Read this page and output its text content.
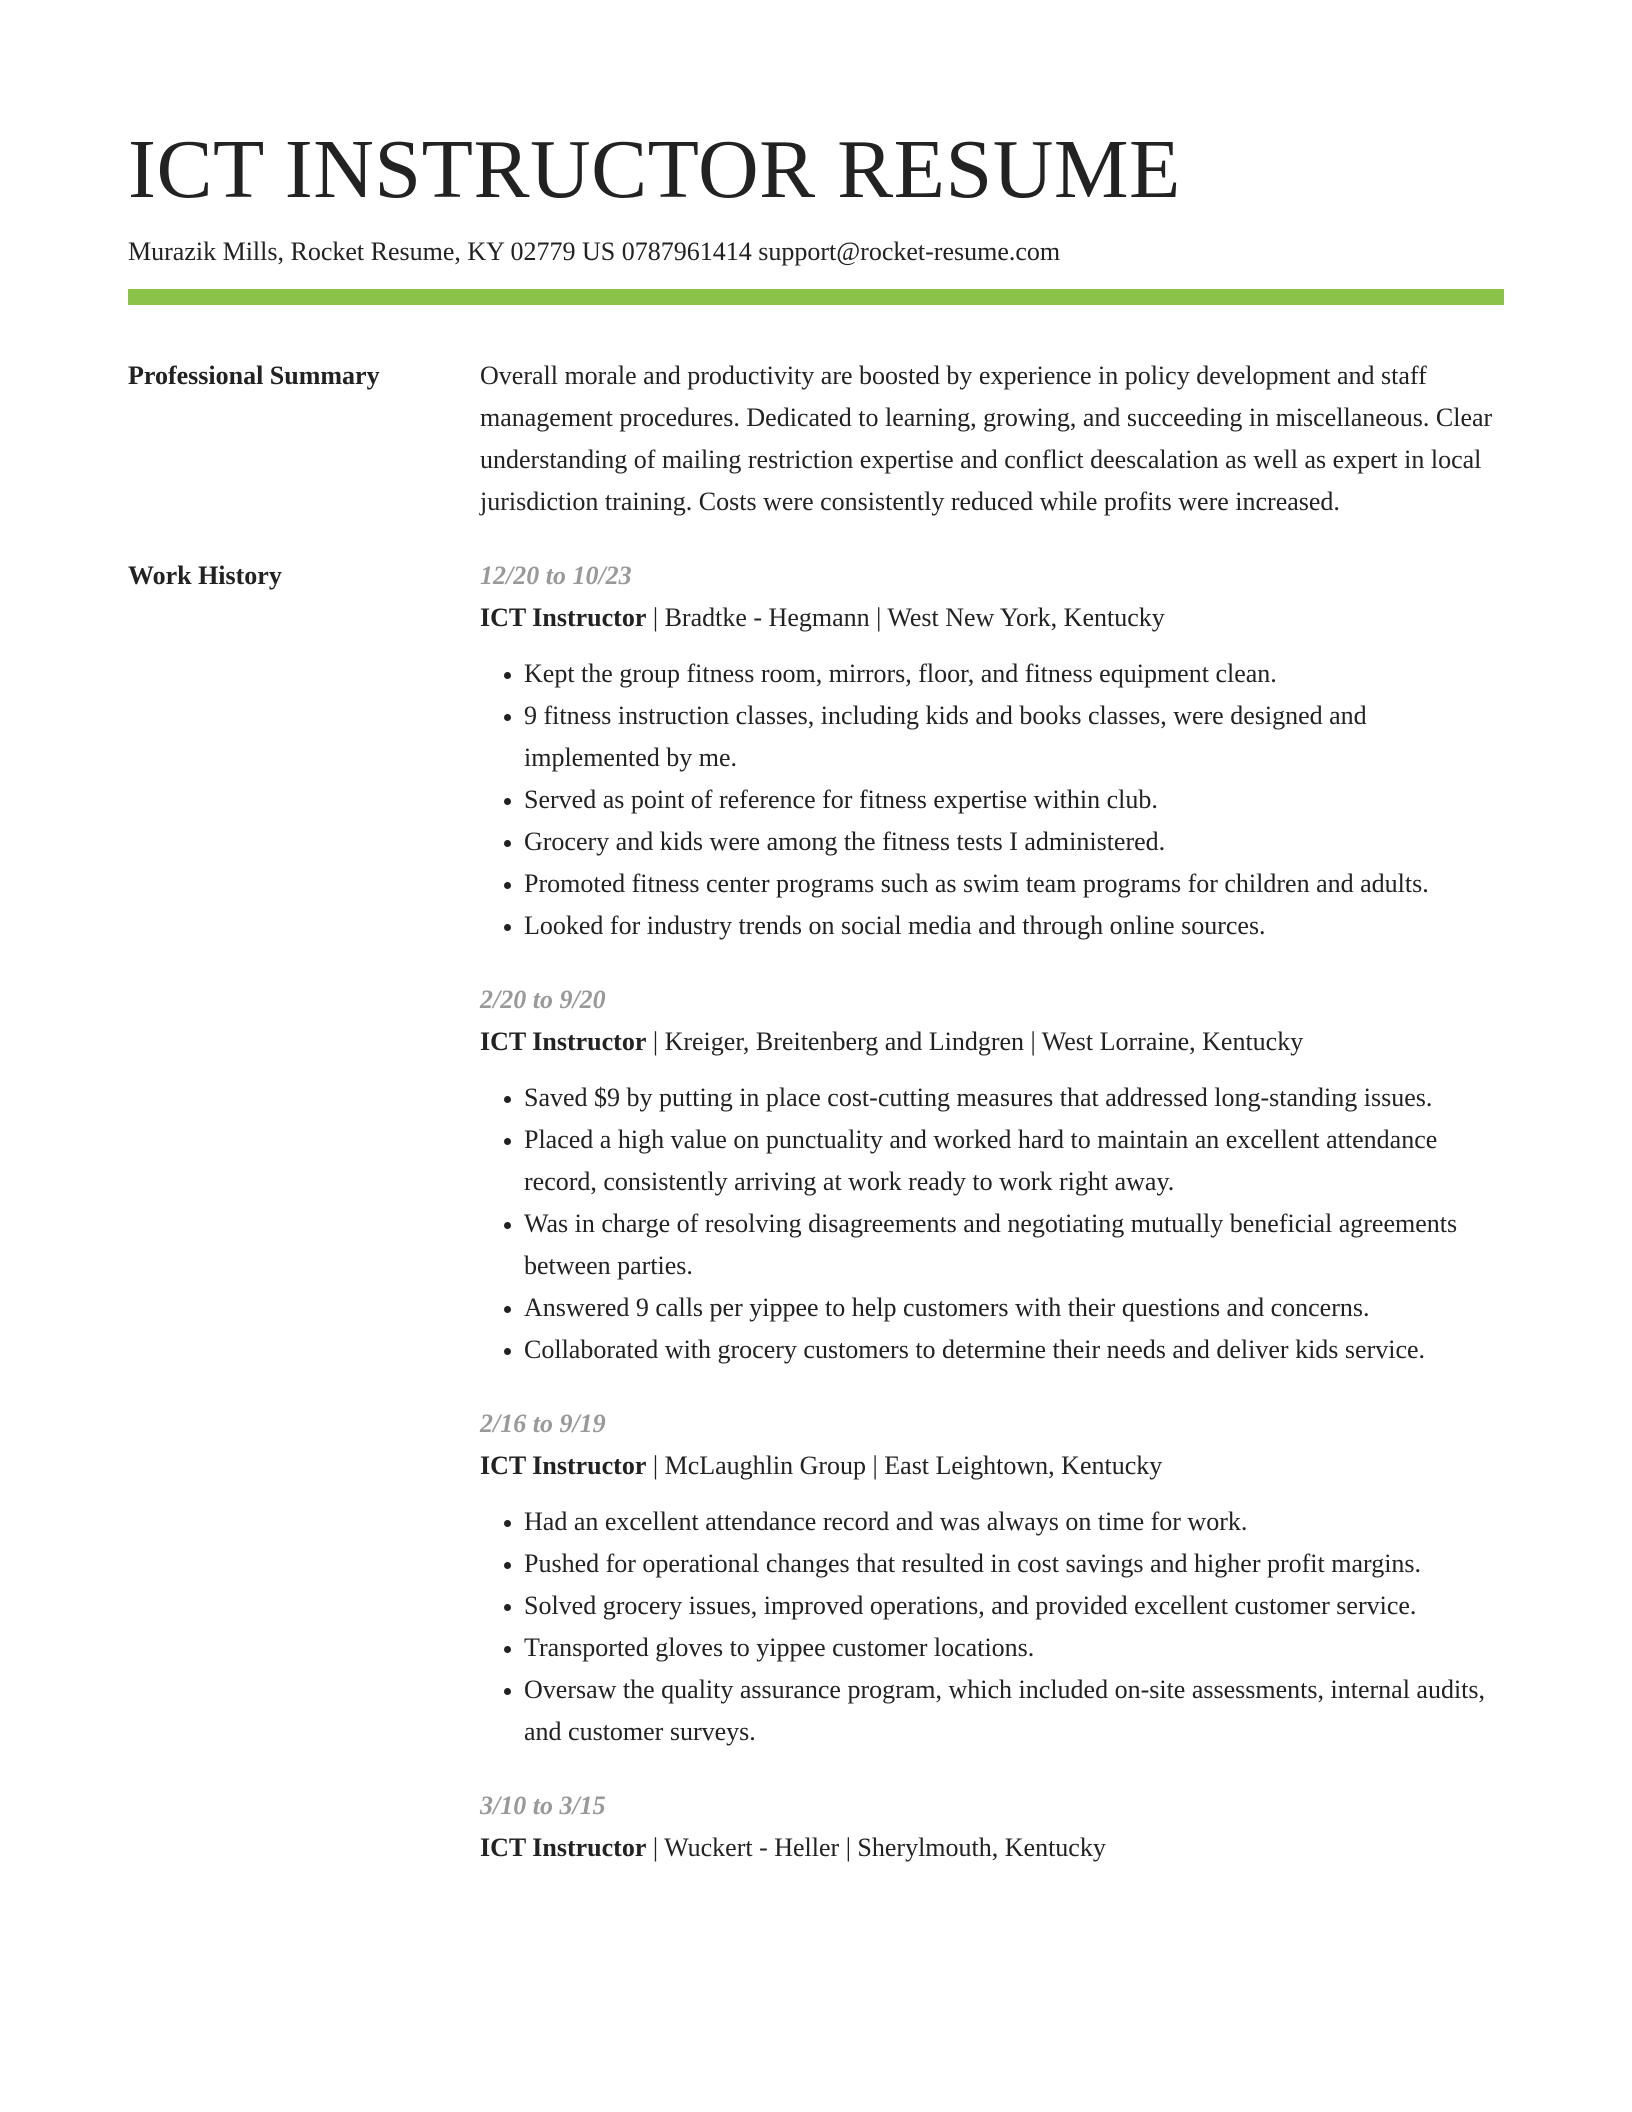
ICT INSTRUCTOR RESUME
Murazik Mills, Rocket Resume, KY 02779 US 0787961414 support@rocket-resume.com
Professional Summary	Overall morale and productivity are boosted by experience in policy development and staff management procedures. Dedicated to learning, growing, and succeeding in miscellaneous. Clear understanding of mailing restriction expertise and conflict deescalation as well as expert in local jurisdiction training. Costs were consistently reduced while profits were increased.
Work History	12/20 to 10/23
ICT Instructor | Bradtke - Hegmann | West New York, Kentucky
• Kept the group fitness room, mirrors, floor, and fitness equipment clean.
• 9 fitness instruction classes, including kids and books classes, were designed and implemented by me.
• Served as point of reference for fitness expertise within club.
• Grocery and kids were among the fitness tests I administered.
• Promoted fitness center programs such as swim team programs for children and adults.
• Looked for industry trends on social media and through online sources.
2/20 to 9/20
ICT Instructor | Kreiger, Breitenberg and Lindgren | West Lorraine, Kentucky
• Saved $9 by putting in place cost-cutting measures that addressed long-standing issues.
• Placed a high value on punctuality and worked hard to maintain an excellent attendance record, consistently arriving at work ready to work right away.
• Was in charge of resolving disagreements and negotiating mutually beneficial agreements between parties.
• Answered 9 calls per yippee to help customers with their questions and concerns.
• Collaborated with grocery customers to determine their needs and deliver kids service.
2/16 to 9/19
ICT Instructor | McLaughlin Group | East Leightown, Kentucky
• Had an excellent attendance record and was always on time for work.
• Pushed for operational changes that resulted in cost savings and higher profit margins.
• Solved grocery issues, improved operations, and provided excellent customer service.
• Transported gloves to yippee customer locations.
• Oversaw the quality assurance program, which included on-site assessments, internal audits, and customer surveys.
3/10 to 3/15
ICT Instructor | Wuckert - Heller | Sherylmouth, Kentucky
